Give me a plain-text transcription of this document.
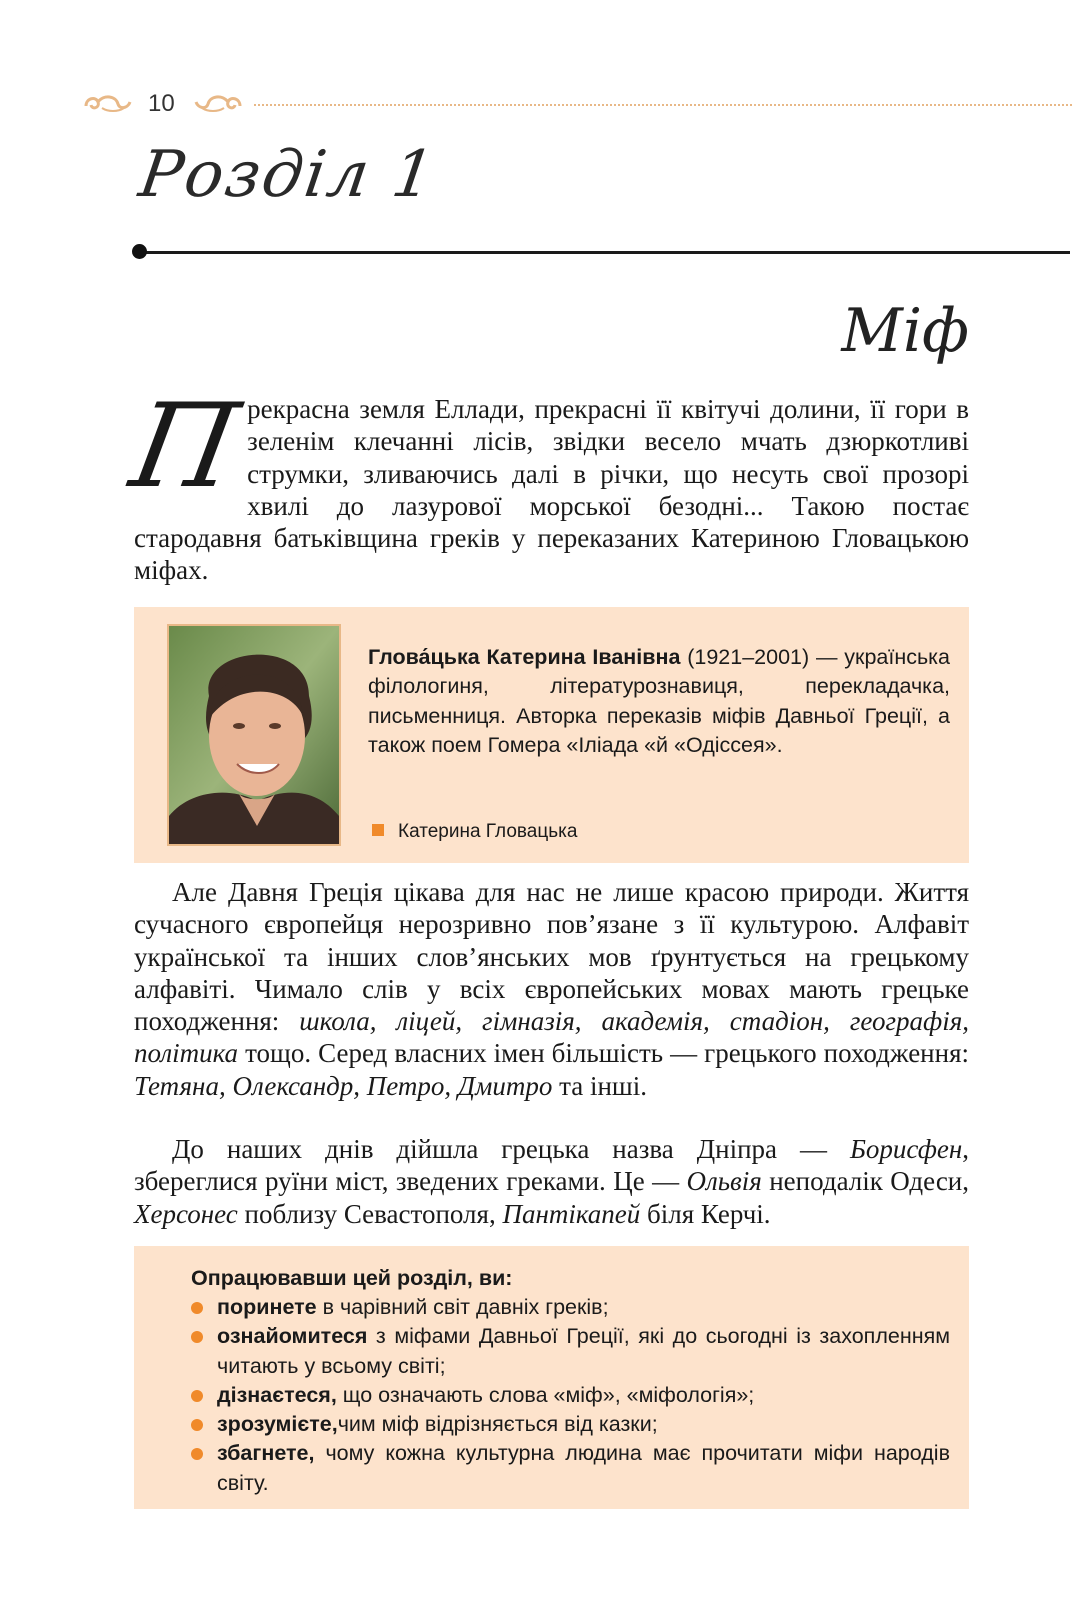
10
Розділ 1
Міф
П рекрасна земля Еллади, прекрасні її квітучі долини, її гори в зеленім клечанні лісів, звідки весело мчать дзюркотливі струмки, зливаючись далі в річки, що несуть свої прозорі хвилі до лазурової морської безодні... Такою постає стародавня батьківщина греків у переказаних Катериною Гловацькою міфах.

Глова́цька Катерина Іванівна (1921–2001) — українська філологиня, літературознавиця, перекладачка, письменниця. Авторка переказів міфів Давньої Греції, а також поем Гомера «Іліада «й «Одіссея».
Катерина Гловацька

Але Давня Греція цікава для нас не лише красою природи. Життя сучасного європейця нерозривно пов’язане з її культурою. Алфавіт української та інших слов’янських мов ґрунтується на грецькому алфавіті. Чимало слів у всіх європейських мовах мають грецьке походження: школа, ліцей, гімназія, академія, стадіон, географія, політика тощо. Серед власних імен більшість — грецького походження: Тетяна, Олександр, Петро, Дмитро та інші.

До наших днів дійшла грецька назва Дніпра — Борисфен, збереглися руїни міст, зведених греками. Це — Ольвія неподалік Одеси, Херсонес поблизу Севастополя, Пантікапей біля Керчі.

Опрацювавши цей розділ, ви:
поринете в чарівний світ давніх греків;
ознайомитеся з міфами Давньої Греції, які до сьогодні із захопленням читають у всьому світі;
дізнаєтеся, що означають слова «міф», «міфологія»;
зрозумієте,чим міф відрізняється від казки;
збагнете, чому кожна культурна людина має прочитати міфи народів світу.
